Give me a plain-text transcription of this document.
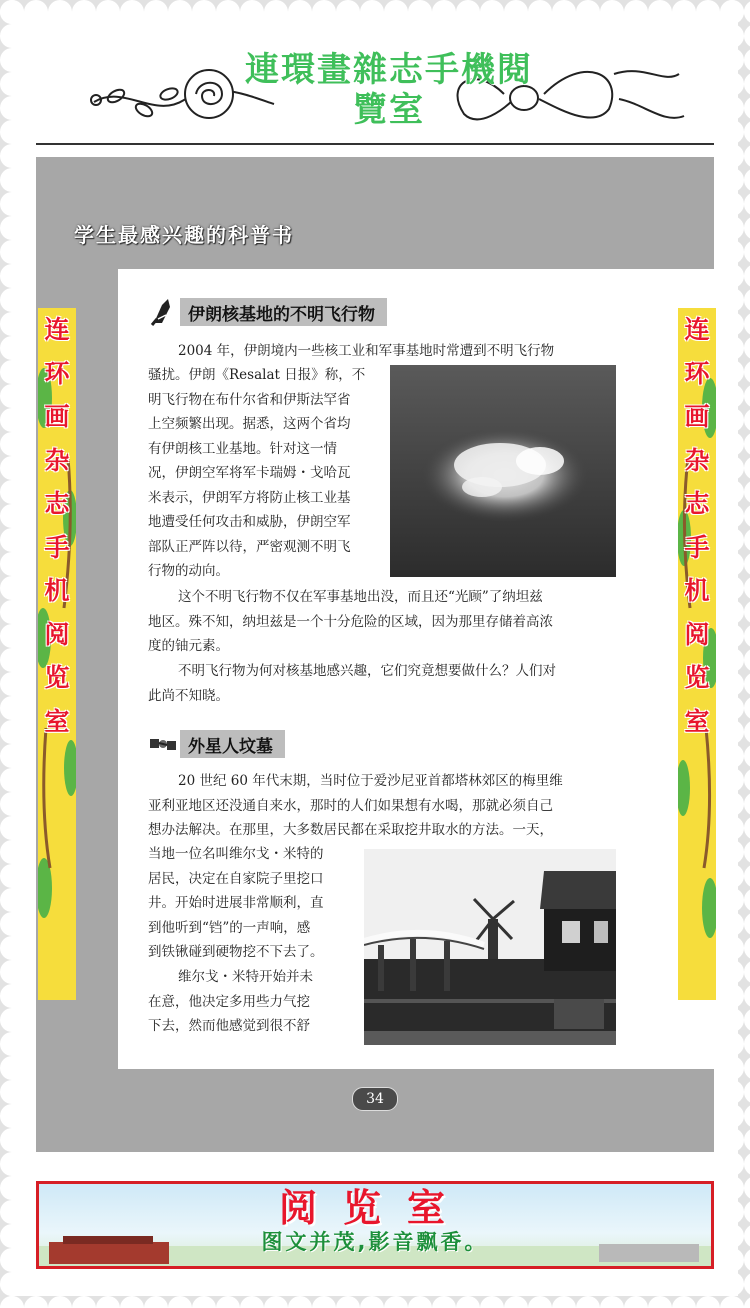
連環畫雜志手機閱
覽室
学生最感兴趣的科普书
伊朗核基地的不明飞行物

2004 年，伊朗境内一些核工业和军事基地时常遭到不明飞行物

骚扰。伊朗《Resalat 日报》称，不

明飞行物在布什尔省和伊斯法罕省

上空频繁出现。据悉，这两个省均

有伊朗核工业基地。针对这一情

况，伊朗空军将军卡瑞姆・戈哈瓦

米表示，伊朗军方将防止核工业基

地遭受任何攻击和威胁，伊朗空军

部队正严阵以待，严密观测不明飞

行物的动向。

这个不明飞行物不仅在军事基地出没，而且还“光顾”了纳坦兹

地区。殊不知，纳坦兹是一个十分危险的区域，因为那里存储着高浓

度的铀元素。

不明飞行物为何对核基地感兴趣，它们究竟想要做什么？人们对

此尚不知晓。

外星人坟墓

20 世纪 60 年代末期，当时位于爱沙尼亚首都塔林郊区的梅里维

亚利亚地区还没通自来水，那时的人们如果想有水喝，那就必须自己

想办法解决。在那里，大多数居民都在采取挖井取水的方法。一天，

当地一位名叫维尔戈・米特的

居民，决定在自家院子里挖口

井。开始时进展非常顺利，直

到他听到“铛”的一声响，感

到铁锹碰到硬物挖不下去了。

维尔戈・米特开始并未

在意，他决定多用些力气挖

下去，然而他感觉到很不舒

34
连
环
画
杂
志
手
机
阅
览
室
连
环
画
杂
志
手
机
阅
览
室
阅览室
图文并茂,影音飘香。
